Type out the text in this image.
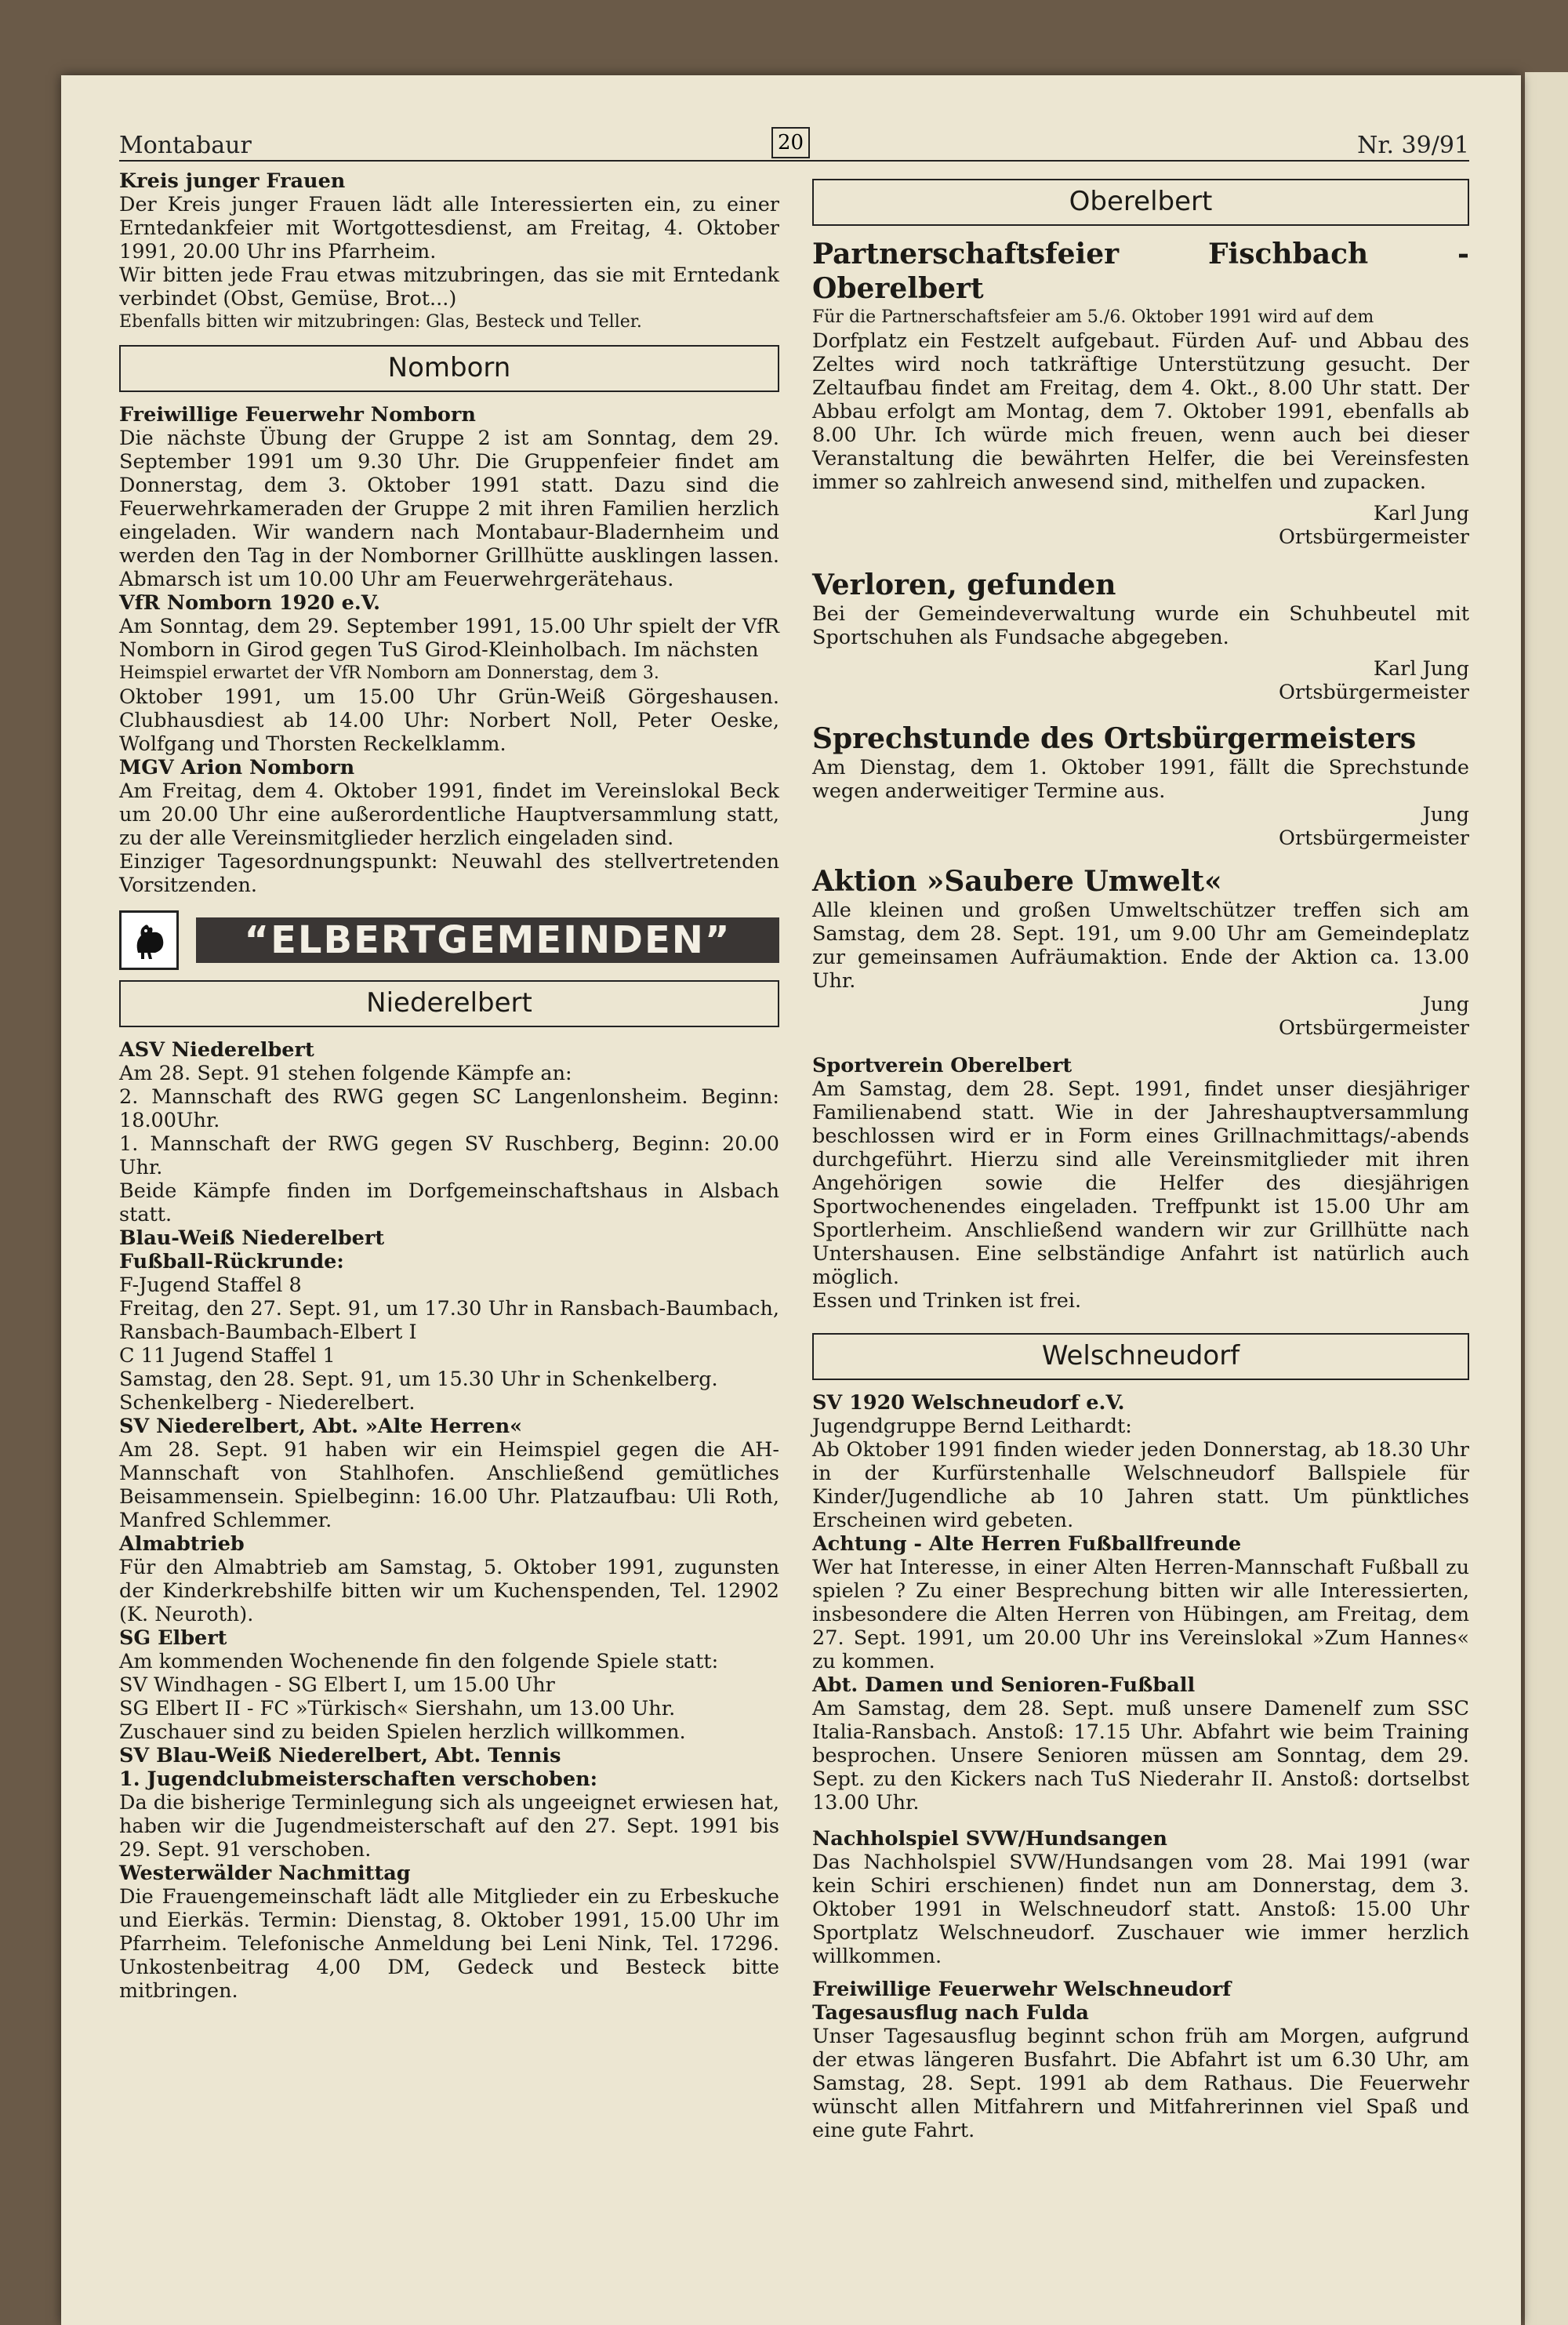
Montabaur	20	Nr. 39/91

Kreis junger Frauen

Der Kreis junger Frauen lädt alle Interessierten ein, zu einer Erntedankfeier mit Wortgottesdienst, am Freitag, 4. Oktober 1991, 20.00 Uhr ins Pfarrheim.

Wir bitten jede Frau etwas mitzubringen, das sie mit Erntedank verbindet (Obst, Gemüse, Brot...)

Ebenfalls bitten wir mitzubringen: Glas, Besteck und Teller.

Nomborn

Freiwillige Feuerwehr Nomborn

Die nächste Übung der Gruppe 2 ist am Sonntag, dem 29. September 1991 um 9.30 Uhr. Die Gruppenfeier findet am Donnerstag, dem 3. Oktober 1991 statt. Dazu sind die Feuerwehrkameraden der Gruppe 2 mit ihren Familien herzlich eingeladen. Wir wandern nach Montabaur-Bladernheim und werden den Tag in der Nomborner Grillhütte ausklingen lassen. Abmarsch ist um 10.00 Uhr am Feuerwehrgerätehaus.

VfR Nomborn 1920 e.V.

Am Sonntag, dem 29. September 1991, 15.00 Uhr spielt der VfR Nomborn in Girod gegen TuS Girod-Kleinholbach. Im nächsten

Heimspiel erwartet der VfR Nomborn am Donnerstag, dem 3.

Oktober 1991, um 15.00 Uhr Grün-Weiß Görgeshausen. Clubhausdiest ab 14.00 Uhr: Norbert Noll, Peter Oeske, Wolfgang und Thorsten Reckelklamm.

MGV Arion Nomborn

Am Freitag, dem 4. Oktober 1991, findet im Vereinslokal Beck um 20.00 Uhr eine außerordentliche Hauptversammlung statt, zu der alle Vereinsmitglieder herzlich eingeladen sind.

Einziger Tagesordnungspunkt: Neuwahl des stellvertretenden Vorsitzenden.

“ELBERTGEMEINDEN”
Niederelbert

ASV Niederelbert

Am 28. Sept. 91 stehen folgende Kämpfe an:

2. Mannschaft des RWG gegen SC Langenlonsheim. Beginn: 18.00Uhr.

1. Mannschaft der RWG gegen SV Ruschberg, Beginn: 20.00 Uhr.

Beide Kämpfe finden im Dorfgemeinschaftshaus in Alsbach statt.

Blau-Weiß Niederelbert

Fußball-Rückrunde:

F-Jugend Staffel 8

Freitag, den 27. Sept. 91, um 17.30 Uhr in Ransbach-Baumbach, Ransbach-Baumbach-Elbert I

C 11 Jugend Staffel 1

Samstag, den 28. Sept. 91, um 15.30 Uhr in Schenkelberg.

Schenkelberg - Niederelbert.

SV Niederelbert, Abt. »Alte Herren«

Am 28. Sept. 91 haben wir ein Heimspiel gegen die AH-Mannschaft von Stahlhofen. Anschließend gemütliches Beisammensein. Spielbeginn: 16.00 Uhr. Platzaufbau: Uli Roth, Manfred Schlemmer.

Almabtrieb

Für den Almabtrieb am Samstag, 5. Oktober 1991, zugunsten der Kinderkrebshilfe bitten wir um Kuchenspenden, Tel. 12902 (K. Neuroth).

SG Elbert

Am kommenden Wochenende fin den folgende Spiele statt:

SV Windhagen - SG Elbert I, um 15.00 Uhr

SG Elbert II - FC »Türkisch« Siershahn, um 13.00 Uhr.

Zuschauer sind zu beiden Spielen herzlich willkommen.

SV Blau-Weiß Niederelbert, Abt. Tennis

1. Jugendclubmeisterschaften verschoben:

Da die bisherige Terminlegung sich als ungeeignet erwiesen hat, haben wir die Jugendmeisterschaft auf den 27. Sept. 1991 bis 29. Sept. 91 verschoben.

Westerwälder Nachmittag

Die Frauengemeinschaft lädt alle Mitglieder ein zu Erbeskuche und Eierkäs. Termin: Dienstag, 8. Oktober 1991, 15.00 Uhr im Pfarrheim. Telefonische Anmeldung bei Leni Nink, Tel. 17296. Unkostenbeitrag 4,00 DM, Gedeck und Besteck bitte mitbringen.

Oberelbert

Partnerschaftsfeier Fischbach - Oberelbert

Für die Partnerschaftsfeier am 5./6. Oktober 1991 wird auf dem

Dorfplatz ein Festzelt aufgebaut. Fürden Auf- und Abbau des Zeltes wird noch tatkräftige Unterstützung gesucht. Der Zeltaufbau findet am Freitag, dem 4. Okt., 8.00 Uhr statt. Der Abbau erfolgt am Montag, dem 7. Oktober 1991, ebenfalls ab 8.00 Uhr. Ich würde mich freuen, wenn auch bei dieser Veranstaltung die bewährten Helfer, die bei Vereinsfesten immer so zahlreich anwesend sind, mithelfen und zupacken.

Karl Jung

Ortsbürgermeister

Verloren, gefunden

Bei der Gemeindeverwaltung wurde ein Schuhbeutel mit Sportschuhen als Fundsache abgegeben.

Karl Jung

Ortsbürgermeister

Sprechstunde des Ortsbürgermeisters

Am Dienstag, dem 1. Oktober 1991, fällt die Sprechstunde wegen anderweitiger Termine aus.

Jung

Ortsbürgermeister

Aktion »Saubere Umwelt«

Alle kleinen und großen Umweltschützer treffen sich am Samstag, dem 28. Sept. 191, um 9.00 Uhr am Gemeindeplatz zur gemeinsamen Aufräumaktion. Ende der Aktion ca. 13.00 Uhr.

Jung

Ortsbürgermeister

Sportverein Oberelbert

Am Samstag, dem 28. Sept. 1991, findet unser diesjähriger Familienabend statt. Wie in der Jahreshauptversammlung beschlossen wird er in Form eines Grillnachmittags/-abends durchgeführt. Hierzu sind alle Vereinsmitglieder mit ihren Angehörigen sowie die Helfer des diesjährigen Sportwochenendes eingeladen. Treffpunkt ist 15.00 Uhr am Sportlerheim. Anschließend wandern wir zur Grillhütte nach Untershausen. Eine selbständige Anfahrt ist natürlich auch möglich.

Essen und Trinken ist frei.

Welschneudorf

SV 1920 Welschneudorf e.V.

Jugendgruppe Bernd Leithardt:

Ab Oktober 1991 finden wieder jeden Donnerstag, ab 18.30 Uhr in der Kurfürstenhalle Welschneudorf Ballspiele für Kinder/Jugendliche ab 10 Jahren statt. Um pünktliches Erscheinen wird gebeten.

Achtung - Alte Herren Fußballfreunde

Wer hat Interesse, in einer Alten Herren-Mannschaft Fußball zu spielen ? Zu einer Besprechung bitten wir alle Interessierten, insbesondere die Alten Herren von Hübingen, am Freitag, dem 27. Sept. 1991, um 20.00 Uhr ins Vereinslokal »Zum Hannes« zu kommen.

Abt. Damen und Senioren-Fußball

Am Samstag, dem 28. Sept. muß unsere Damenelf zum SSC Italia-Ransbach. Anstoß: 17.15 Uhr. Abfahrt wie beim Training besprochen. Unsere Senioren müssen am Sonntag, dem 29. Sept. zu den Kickers nach TuS Niederahr II. Anstoß: dortselbst 13.00 Uhr.

Nachholspiel SVW/Hundsangen

Das Nachholspiel SVW/Hundsangen vom 28. Mai 1991 (war kein Schiri erschienen) findet nun am Donnerstag, dem 3. Oktober 1991 in Welschneudorf statt. Anstoß: 15.00 Uhr Sportplatz Welschneudorf. Zuschauer wie immer herzlich willkommen.

Freiwillige Feuerwehr Welschneudorf

Tagesausflug nach Fulda

Unser Tagesausflug beginnt schon früh am Morgen, aufgrund der etwas längeren Busfahrt. Die Abfahrt ist um 6.30 Uhr, am Samstag, 28. Sept. 1991 ab dem Rathaus. Die Feuerwehr wünscht allen Mitfahrern und Mitfahrerinnen viel Spaß und eine gute Fahrt.
